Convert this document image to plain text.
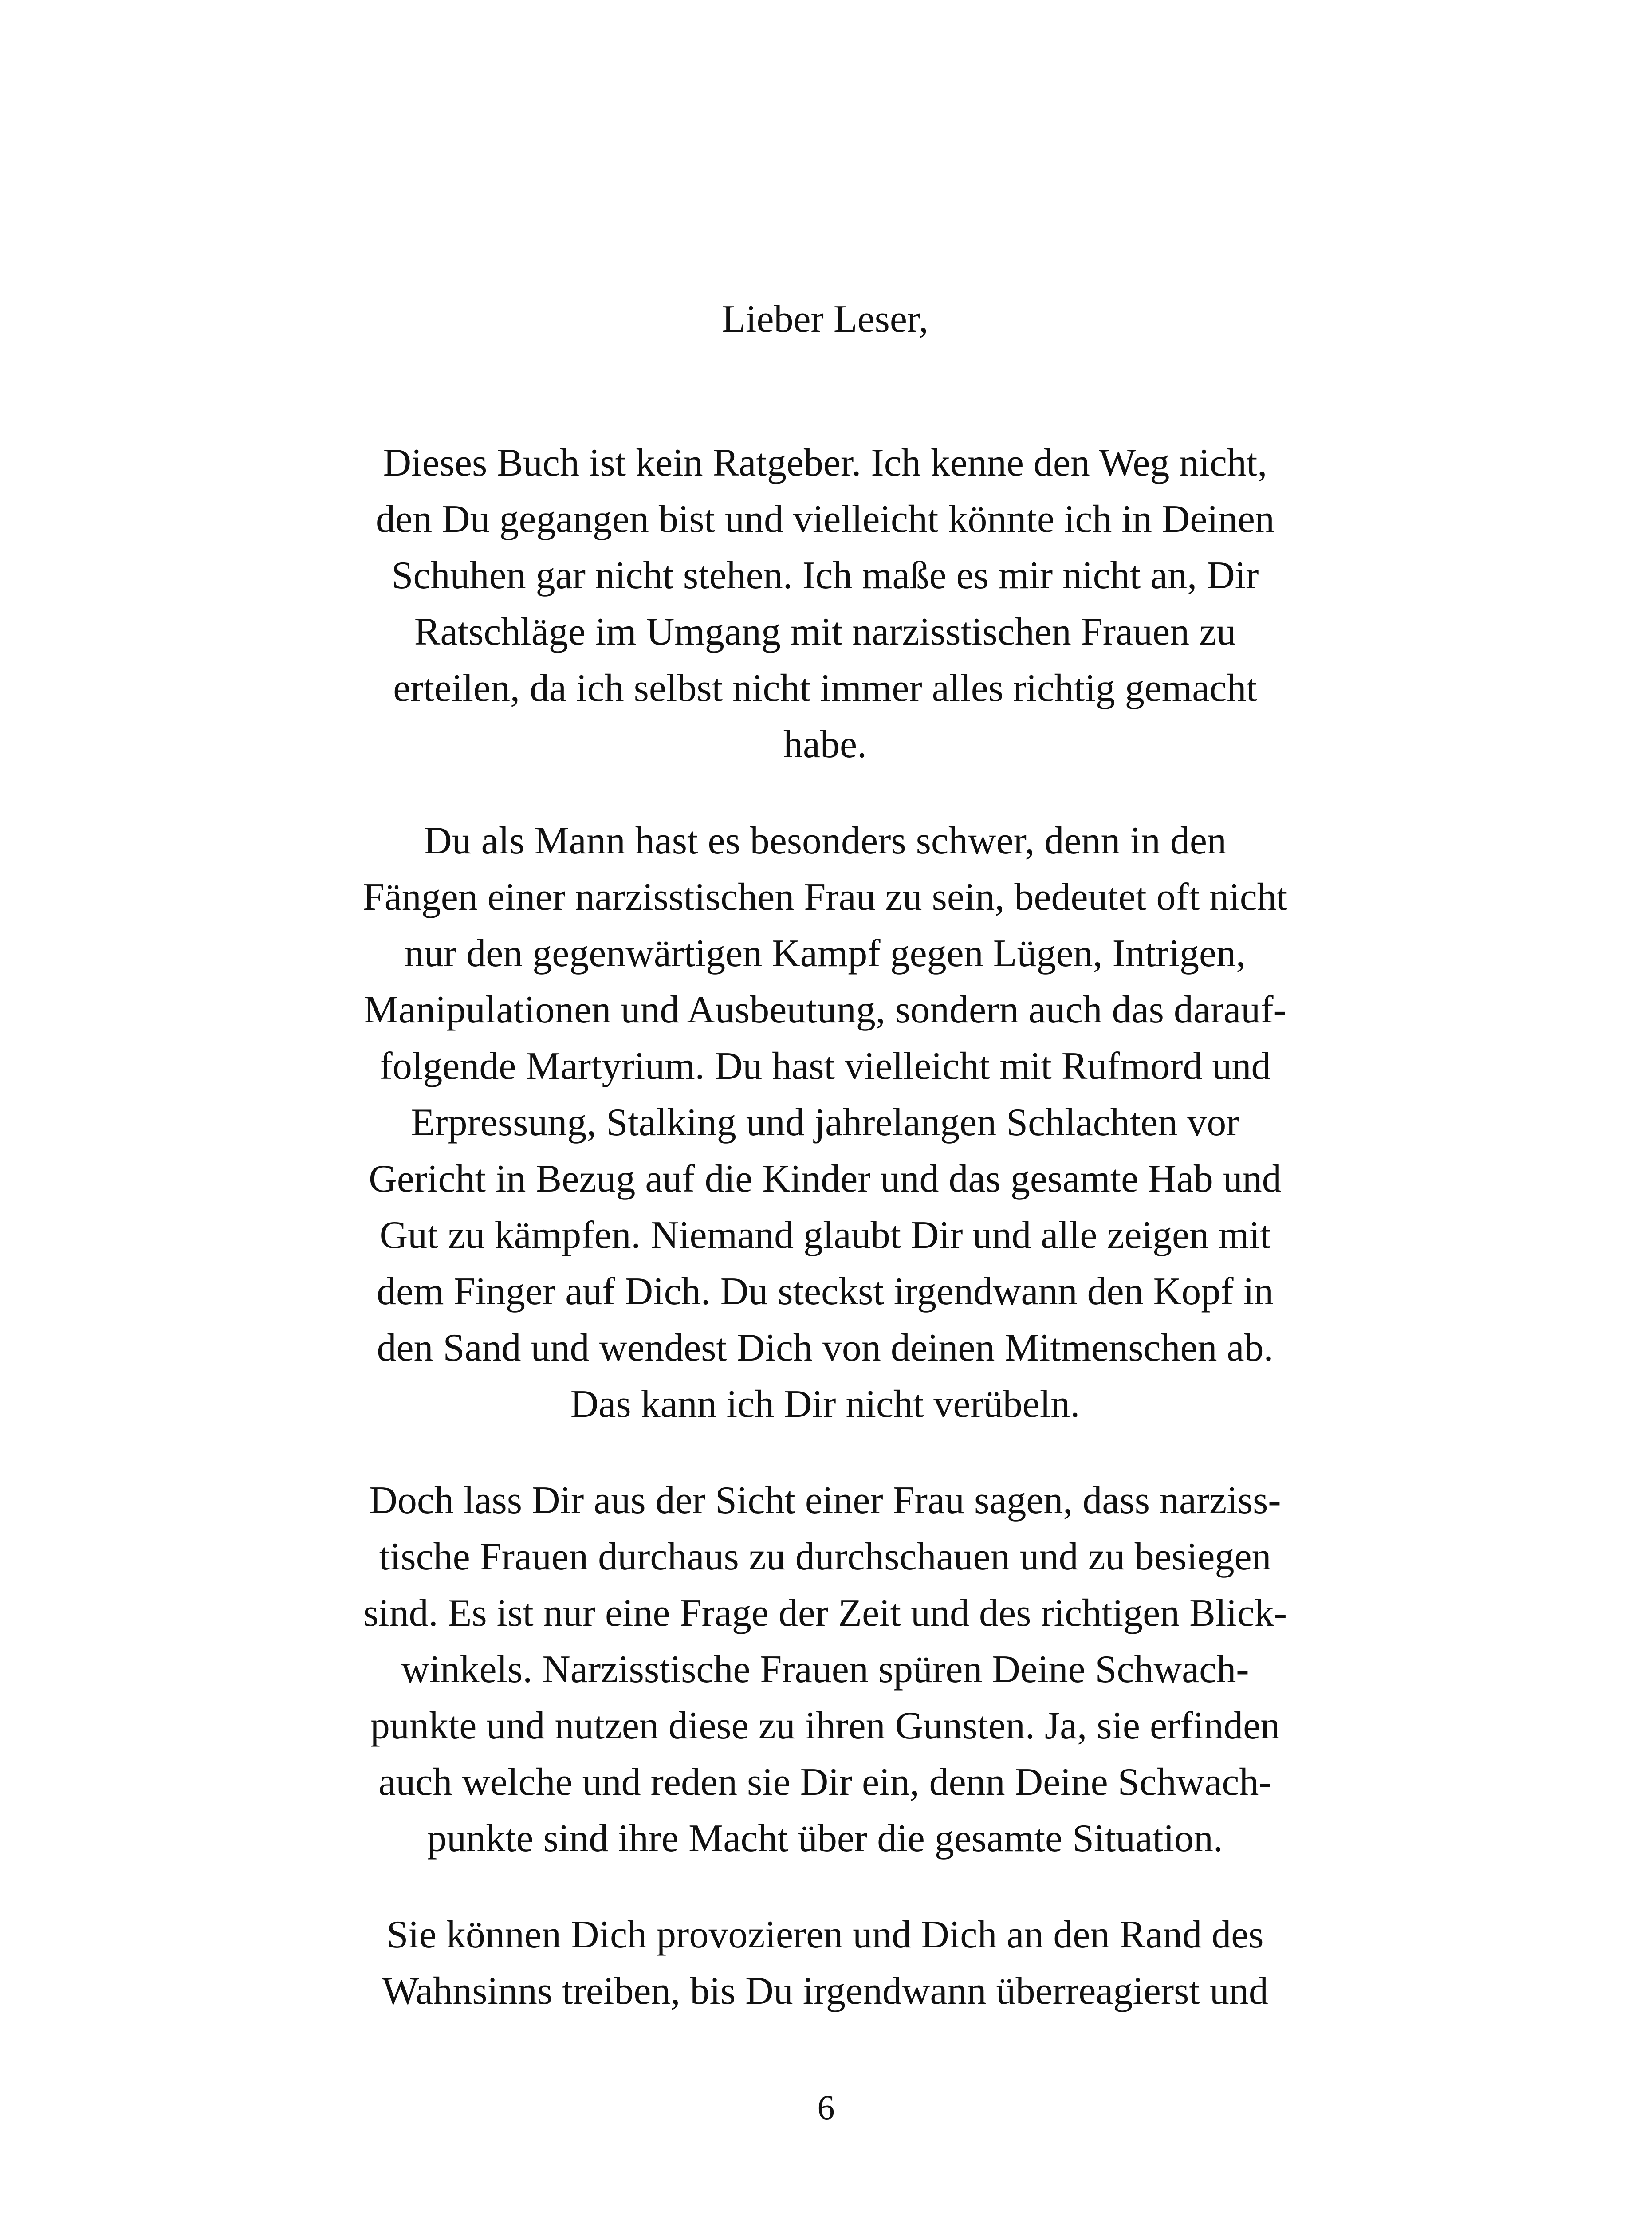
Lieber Leser,
Dieses Buch ist kein Ratgeber. Ich kenne den Weg nicht,
den Du gegangen bist und vielleicht könnte ich in Deinen
Schuhen gar nicht stehen. Ich maße es mir nicht an, Dir
Ratschläge im Umgang mit narzisstischen Frauen zu
erteilen, da ich selbst nicht immer alles richtig gemacht
habe.
Du als Mann hast es besonders schwer, denn in den
Fängen einer narzisstischen Frau zu sein, bedeutet oft nicht
nur den gegenwärtigen Kampf gegen Lügen, Intrigen,
Manipulationen und Ausbeutung, sondern auch das darauf-
folgende Martyrium. Du hast vielleicht mit Rufmord und
Erpressung, Stalking und jahrelangen Schlachten vor
Gericht in Bezug auf die Kinder und das gesamte Hab und
Gut zu kämpfen. Niemand glaubt Dir und alle zeigen mit
dem Finger auf Dich. Du steckst irgendwann den Kopf in
den Sand und wendest Dich von deinen Mitmenschen ab.
Das kann ich Dir nicht verübeln.
Doch lass Dir aus der Sicht einer Frau sagen, dass narziss-
tische Frauen durchaus zu durchschauen und zu besiegen
sind. Es ist nur eine Frage der Zeit und des richtigen Blick-
winkels. Narzisstische Frauen spüren Deine Schwach-
punkte und nutzen diese zu ihren Gunsten. Ja, sie erfinden
auch welche und reden sie Dir ein, denn Deine Schwach-
punkte sind ihre Macht über die gesamte Situation.
Sie können Dich provozieren und Dich an den Rand des
Wahnsinns treiben, bis Du irgendwann überreagierst und
6
